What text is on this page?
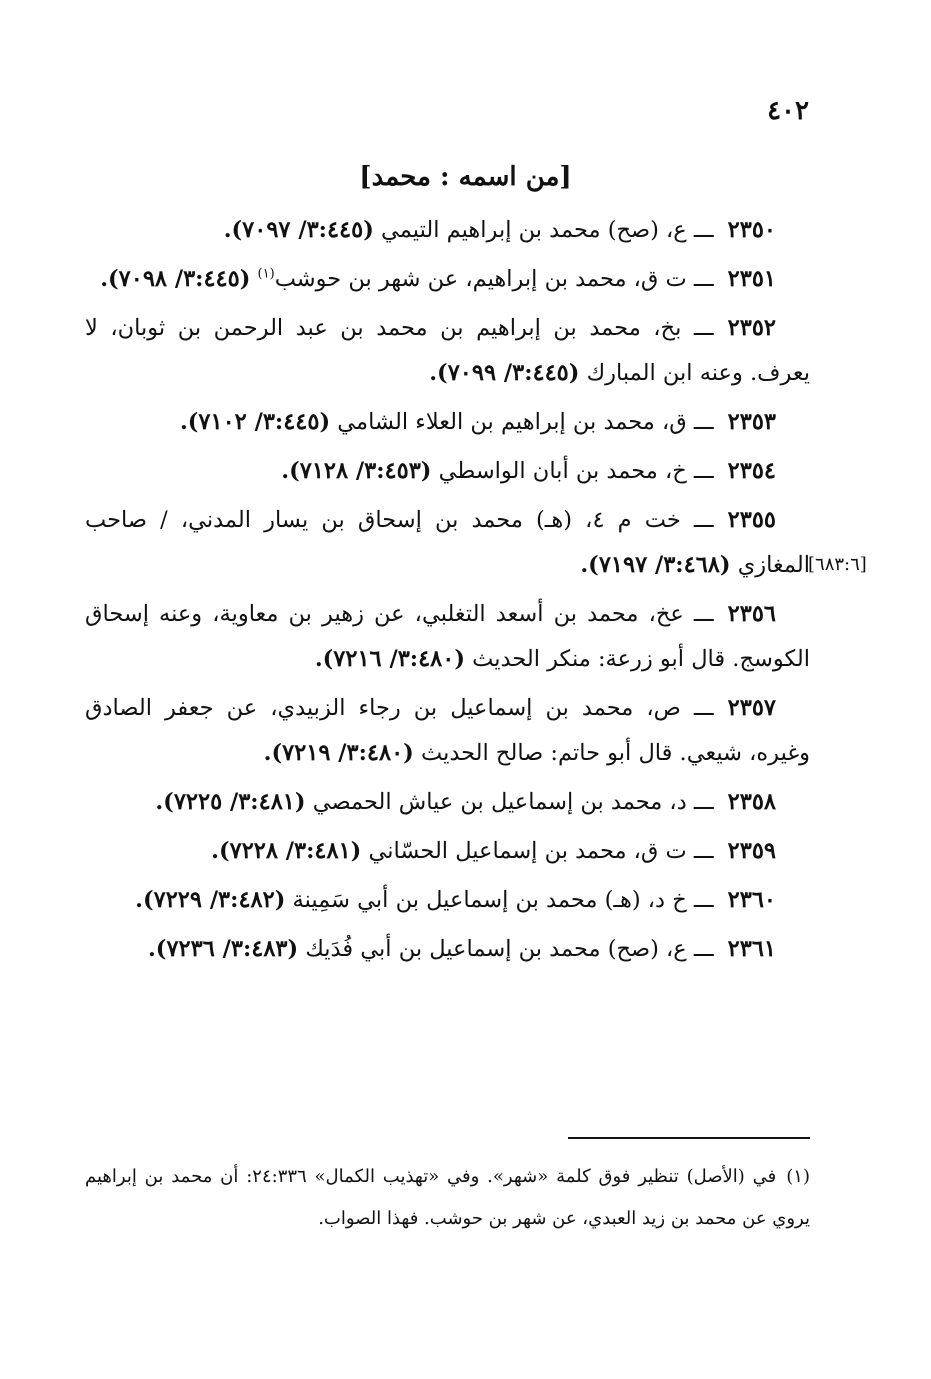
٤٠٢
[من اسمه : محمد]
[٦٨٣:٦]

٢٣٥٠ـــ ع، (صح) محمد بن إبراهيم التيمي (٣:٤٤٥/ ٧٠٩٧).

٢٣٥١ـــ ت ق، محمد بن إبراهيم، عن شهر بن حوشب$^{(١)}$ (٣:٤٤٥/ ٧٠٩٨).

٢٣٥٢ـــ بخ، محمد بن إبراهيم بن محمد بن عبد الرحمن بن ثوبان، لا يعرف. وعنه ابن المبارك (٣:٤٤٥/ ٧٠٩٩).

٢٣٥٣ـــ ق، محمد بن إبراهيم بن العلاء الشامي (٣:٤٤٥/ ٧١٠٢).

٢٣٥٤ـــ خ، محمد بن أبان الواسطي (٣:٤٥٣/ ٧١٢٨).

٢٣٥٥ـــ خت م ٤، (هـ) محمد بن إسحاق بن يسار المدني، / صاحب المغازي (٣:٤٦٨/ ٧١٩٧).

٢٣٥٦ـــ عخ، محمد بن أسعد التغلبي، عن زهير بن معاوية، وعنه إسحاق الكوسج. قال أبو زرعة: منكر الحديث (٣:٤٨٠/ ٧٢١٦).

٢٣٥٧ـــ ص، محمد بن إسماعيل بن رجاء الزبيدي، عن جعفر الصادق وغيره، شيعي. قال أبو حاتم: صالح الحديث (٣:٤٨٠/ ٧٢١٩).

٢٣٥٨ـــ د، محمد بن إسماعيل بن عياش الحمصي (٣:٤٨١/ ٧٢٢٥).

٢٣٥٩ـــ ت ق، محمد بن إسماعيل الحسّاني (٣:٤٨١/ ٧٢٢٨).

٢٣٦٠ـــ خ د، (هـ) محمد بن إسماعيل بن أبي سَمِينة (٣:٤٨٢/ ٧٢٢٩).

٢٣٦١ـــ ع، (صح) محمد بن إسماعيل بن أبي فُدَيك (٣:٤٨٣/ ٧٢٣٦).

(١)في (الأصل) تنظير فوق كلمة «شهر». وفي «تهذيب الكمال» ٢٤:٣٣٦: أن محمد بن إبراهيم يروي عن محمد بن زيد العبدي، عن شهر بن حوشب. فهذا الصواب.
